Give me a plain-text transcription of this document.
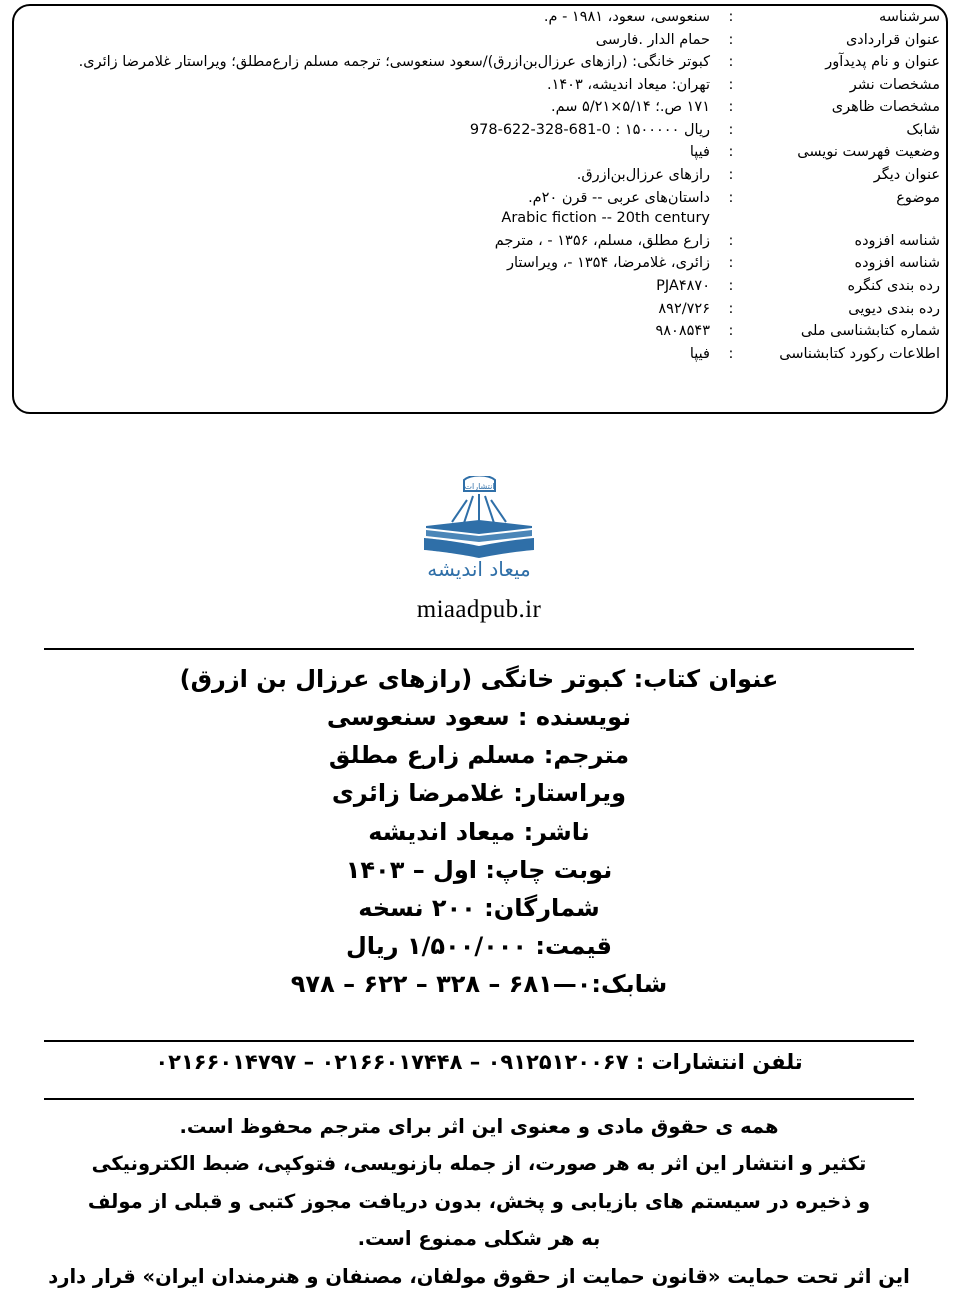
سرشناسه	:	سنعوسی، سعود، ۱۹۸۱ - م.
عنوان قراردادی	:	حمام الدار .فارسی
عنوان و نام پدیدآور	:	کبوتر خانگی: (رازهای عرزال‌بن‌ازرق)/سعود سنعوسی؛ ترجمه مسلم زارع‌مطلق؛ ویراستار غلامرضا زائری.
مشخصات نشر	:	تهران: میعاد اندیشه، ۱۴۰۳.
مشخصات ظاهری	:	۱۷۱ ص.؛ ۵/۱۴×۵/۲۱ سم.
شابک	:	978-622-328-681-0 : ۱۵۰۰۰۰۰ ریال
وضعیت فهرست نویسی	:	فیپا
عنوان دیگر	:	رازهای عرزال‌بن‌ازرق.
موضوع	:	داستان‌های عربی -- قرن ۲۰م.
Arabic fiction -- 20th century

شناسه افزوده	:	زارع مطلق، مسلم، ۱۳۵۶ - ، مترجم
شناسه افزوده	:	زائری، غلامرضا، ۱۳۵۴ -، ویراستار
رده بندی کنگره	:	PJA۴۸۷۰
رده بندی دیویی	:	۸۹۲/۷۲۶
شماره کتابشناسی ملی	:	۹۸۰۸۵۴۳
اطلاعات رکورد کتابشناسی	:	فیپا
انتشارات
میعاد اندیشه
miaadpub.ir
عنوان کتاب: کبوتر خانگی (رازهای عرزال بن ازرق)
نویسنده : سعود سنعوسی
مترجم: مسلم زارع مطلق
ویراستار: غلامرضا زائری
ناشر: میعاد اندیشه
نوبت چاپ: اول – ۱۴۰۳
شمارگان: ۲۰۰ نسخه
قیمت: ۱/۵۰۰/۰۰۰ ریال
شابک:۰—۶۸۱ – ۳۲۸ – ۶۲۲ – ۹۷۸
تلفن انتشارات : ۰۹۱۲۵۱۲۰۰۶۷ – ۰۲۱۶۶۰۱۷۴۴۸ – ۰۲۱۶۶۰۱۴۷۹۷
همه ی حقوق مادی و معنوی این اثر برای مترجم محفوظ است.
تکثیر و انتشار این اثر به هر صورت، از جمله بازنویسی، فتوکپی، ضبط الکترونیکی
و ذخیره در سیستم های بازیابی و پخش، بدون دریافت مجوز کتبی و قبلی از مولف
به هر شکلی ممنوع است.
این اثر تحت حمایت «قانون حمایت از حقوق مولفان، مصنفان و هنرمندان ایران» قرار دارد
